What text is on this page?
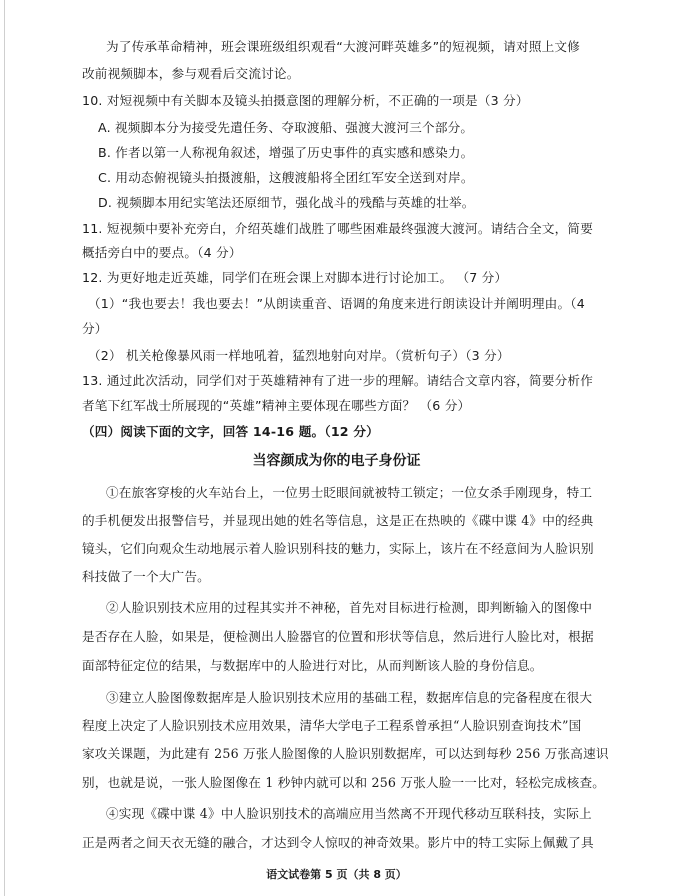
为了传承革命精神，班会课班级组织观看“大渡河畔英雄多”的短视频，请对照上文修
改前视频脚本，参与观看后交流讨论。
10. 对短视频中有关脚本及镜头拍摄意图的理解分析，不正确的一项是（3 分）
A. 视频脚本分为接受先遣任务、夺取渡船、强渡大渡河三个部分。
B. 作者以第一人称视角叙述，增强了历史事件的真实感和感染力。
C. 用动态俯视镜头拍摄渡船，这艘渡船将全团红军安全送到对岸。
D. 视频脚本用纪实笔法还原细节，强化战斗的残酷与英雄的壮举。
11. 短视频中要补充旁白，介绍英雄们战胜了哪些困难最终强渡大渡河。请结合全文，简要
概括旁白中的要点。（4 分）
12. 为更好地走近英雄，同学们在班会课上对脚本进行讨论加工。 （7 分）
（1）“我也要去！我也要去！”从朗读重音、语调的角度来进行朗读设计并阐明理由。（4
分）
（2） 机关枪像暴风雨一样地吼着，猛烈地射向对岸。（赏析句子）（3 分）
13. 通过此次活动，同学们对于英雄精神有了进一步的理解。请结合文章内容，简要分析作
者笔下红军战士所展现的“英雄”精神主要体现在哪些方面？ （6 分）
（四）阅读下面的文字，回答 14-16 题。（12 分）
当容颜成为你的电子身份证
①在旅客穿梭的火车站台上，一位男士眨眼间就被特工锁定；一位女杀手刚现身，特工
的手机便发出报警信号，并显现出她的姓名等信息，这是正在热映的《碟中谍 4》中的经典
镜头，它们向观众生动地展示着人脸识别科技的魅力，实际上，该片在不经意间为人脸识别
科技做了一个大广告。
②人脸识别技术应用的过程其实并不神秘，首先对目标进行检测，即判断输入的图像中
是否存在人脸，如果是，便检测出人脸器官的位置和形状等信息，然后进行人脸比对，根据
面部特征定位的结果，与数据库中的人脸进行对比，从而判断该人脸的身份信息。
③建立人脸图像数据库是人脸识别技术应用的基础工程，数据库信息的完备程度在很大
程度上决定了人脸识别技术应用效果，清华大学电子工程系曾承担“人脸识别查询技术”国
家攻关课题，为此建有 256 万张人脸图像的人脸识别数据库，可以达到每秒 256 万张高速识
别，也就是说，一张人脸图像在 1 秒钟内就可以和 256 万张人脸一一比对，轻松完成核查。
④实现《碟中谍 4》中人脸识别技术的高端应用当然离不开现代移动互联科技，实际上
正是两者之间天衣无缝的融合，才达到令人惊叹的神奇效果。影片中的特工实际上佩戴了具
语文试卷第 5 页（共 8 页）
